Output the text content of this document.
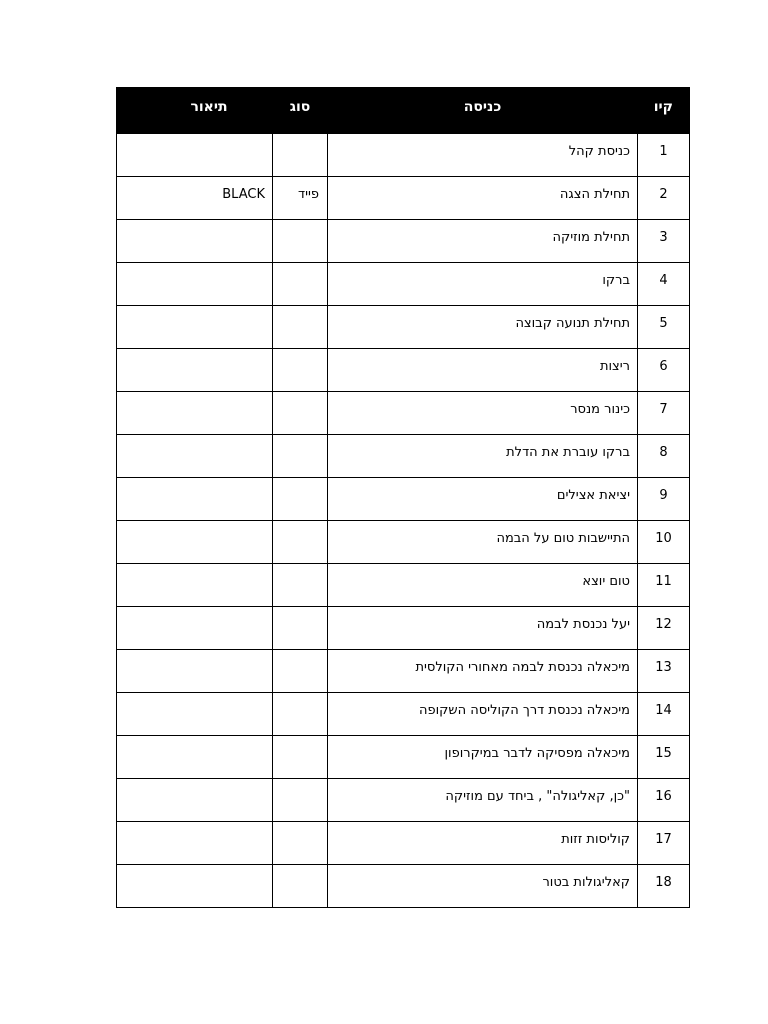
קיו	כניסה	סוג	תיאור
1	כניסת קהל		
2	תחילת הצגה	פייד	BLACK
3	תחילת מוזיקה		
4	ברקו		
5	תחילת תנועה קבוצה		
6	ריצות		
7	כינור מנסר		
8	ברקו עוברת את הדלת		
9	יציאת אצילים		
10	התיישבות טום על הבמה		
11	טום יוצא		
12	יעל נכנסת לבמה		
13	מיכאלה נכנסת לבמה מאחורי הקולסית		
14	מיכאלה נכנסת דרך הקוליסה השקופה		
15	מיכאלה מפסיקה לדבר במיקרופון		
16	"כן, קאליגולה" , ביחד עם מוזיקה		
17	קוליסות זזות		
18	קאליגולות בטור		
